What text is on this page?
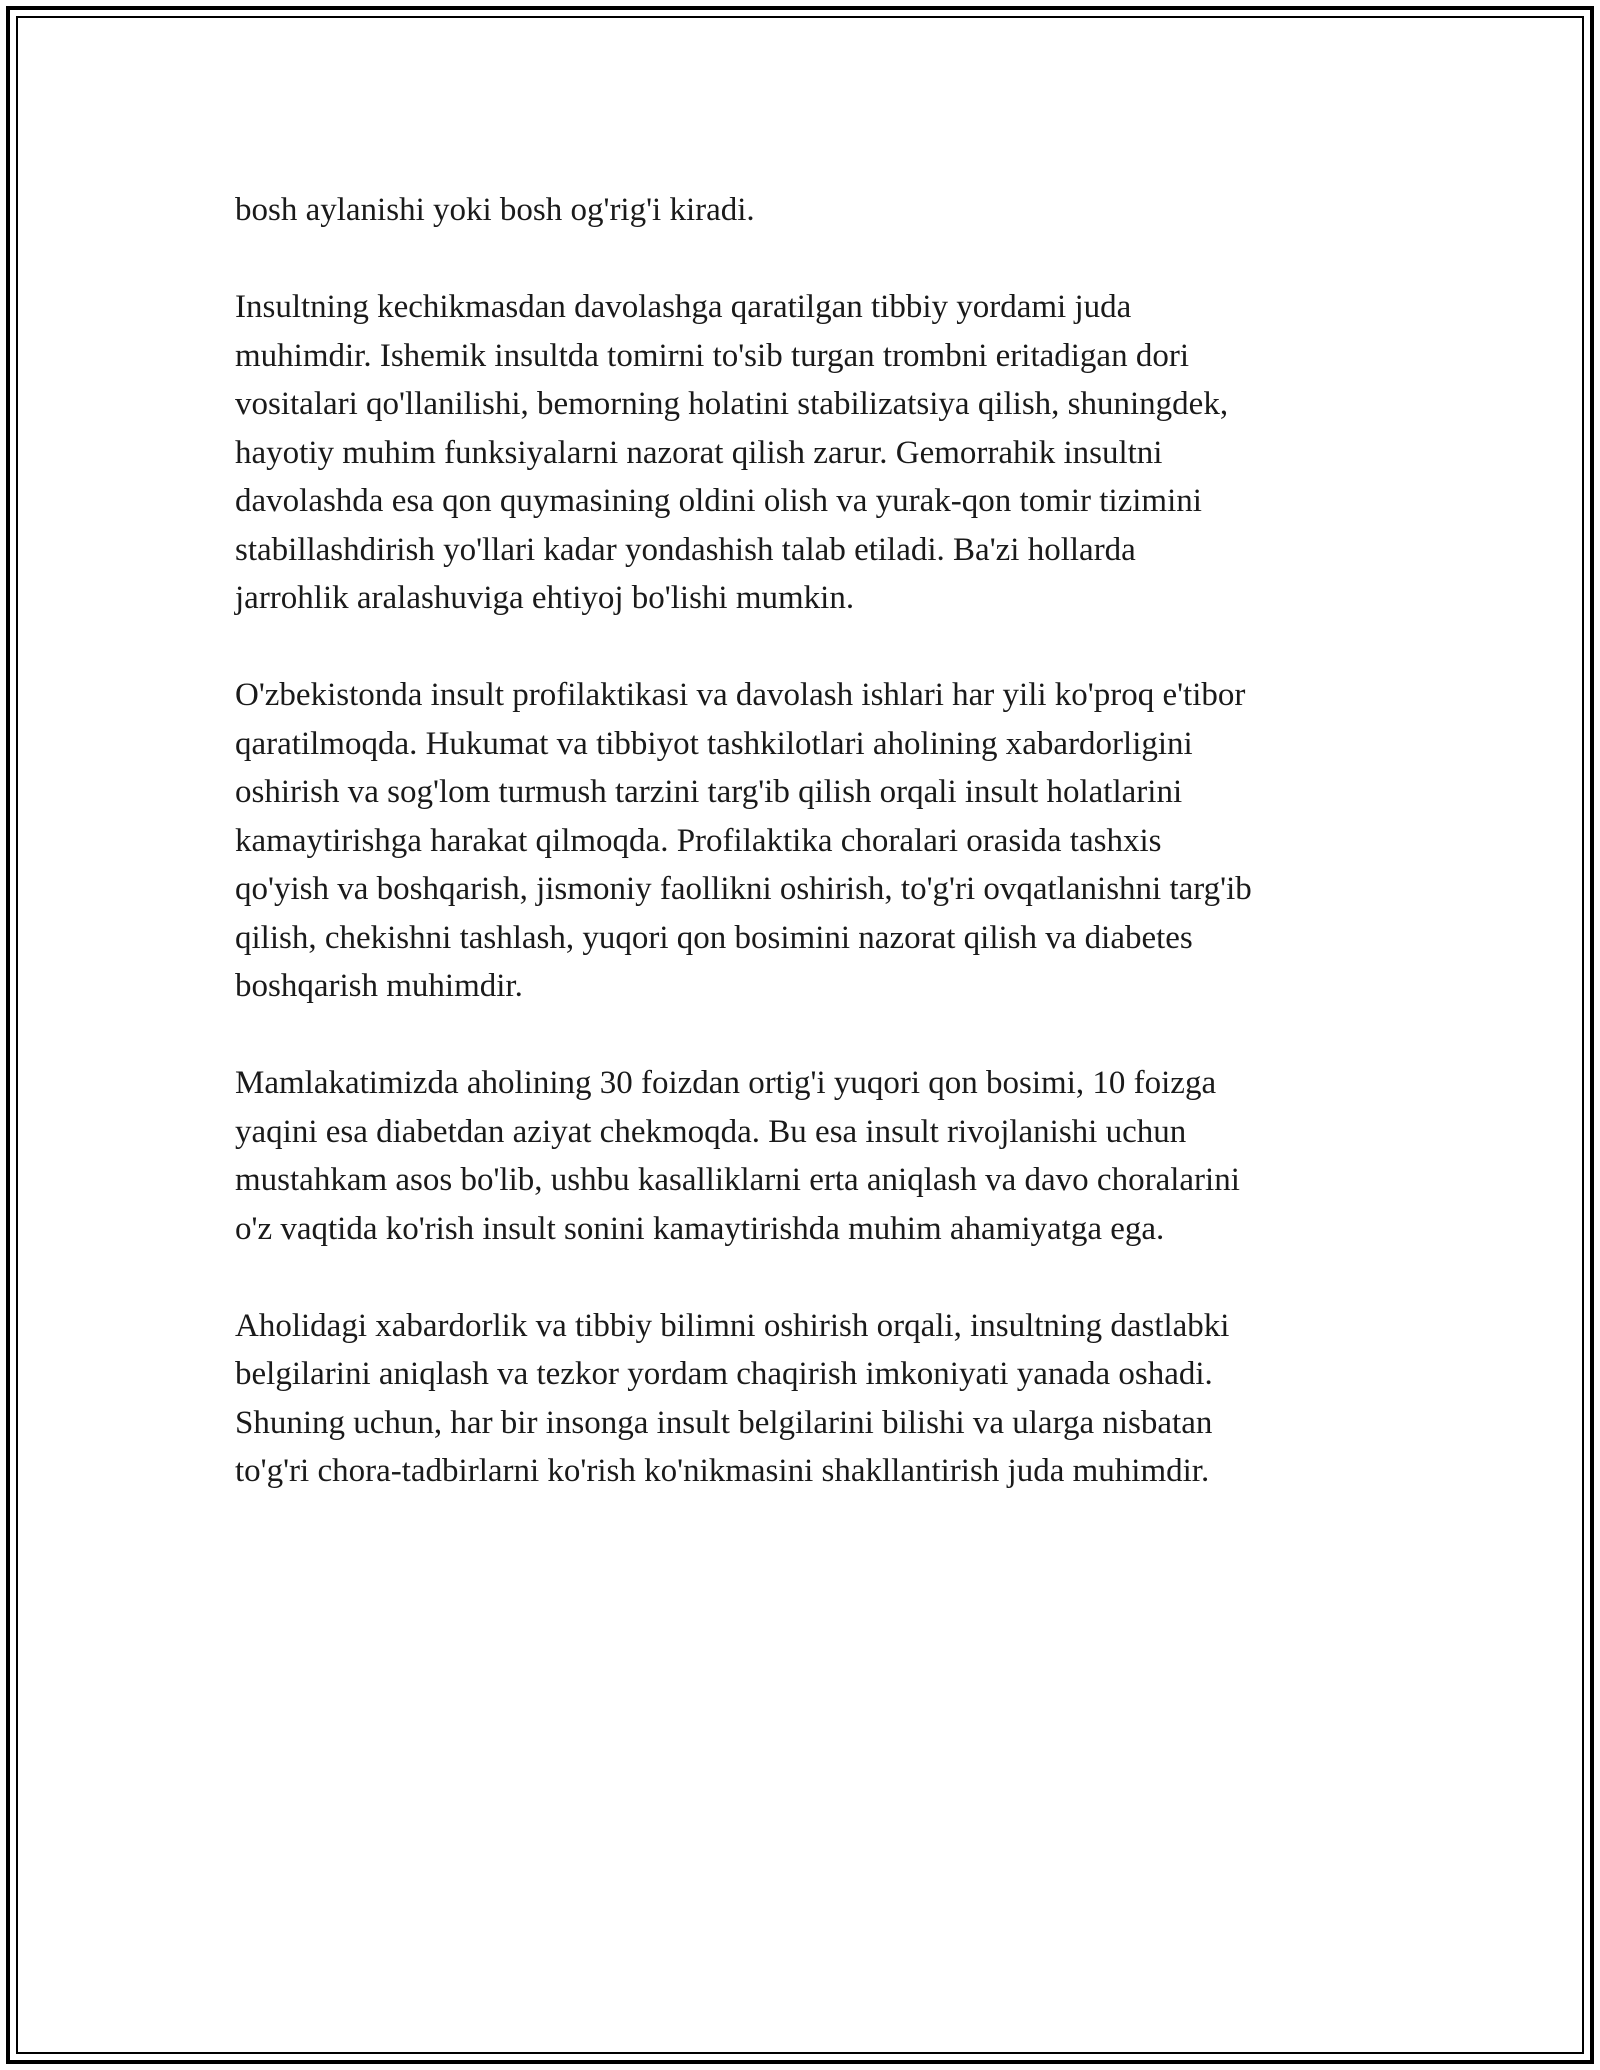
bosh aylanishi yoki bosh og'rig'i kiradi.

Insultning kechikmasdan davolashga qaratilgan tibbiy yordami juda
muhimdir. Ishemik insultda tomirni to'sib turgan trombni eritadigan dori
vositalari qo'llanilishi, bemorning holatini stabilizatsiya qilish, shuningdek,
hayotiy muhim funksiyalarni nazorat qilish zarur. Gemorrahik insultni
davolashda esa qon quymasining oldini olish va yurak-qon tomir tizimini
stabillashdirish yo'llari kadar yondashish talab etiladi. Ba'zi hollarda
jarrohlik aralashuviga ehtiyoj bo'lishi mumkin.

O'zbekistonda insult profilaktikasi va davolash ishlari har yili ko'proq e'tibor
qaratilmoqda. Hukumat va tibbiyot tashkilotlari aholining xabardorligini
oshirish va sog'lom turmush tarzini targ'ib qilish orqali insult holatlarini
kamaytirishga harakat qilmoqda. Profilaktika choralari orasida tashxis
qo'yish va boshqarish, jismoniy faollikni oshirish, to'g'ri ovqatlanishni targ'ib
qilish, chekishni tashlash, yuqori qon bosimini nazorat qilish va diabetes
boshqarish muhimdir.

Mamlakatimizda aholining 30 foizdan ortig'i yuqori qon bosimi, 10 foizga
yaqini esa diabetdan aziyat chekmoqda. Bu esa insult rivojlanishi uchun
mustahkam asos bo'lib, ushbu kasalliklarni erta aniqlash va davo choralarini
o'z vaqtida ko'rish insult sonini kamaytirishda muhim ahamiyatga ega.

Aholidagi xabardorlik va tibbiy bilimni oshirish orqali, insultning dastlabki
belgilarini aniqlash va tezkor yordam chaqirish imkoniyati yanada oshadi.
Shuning uchun, har bir insonga insult belgilarini bilishi va ularga nisbatan
to'g'ri chora-tadbirlarni ko'rish ko'nikmasini shakllantirish juda muhimdir.
